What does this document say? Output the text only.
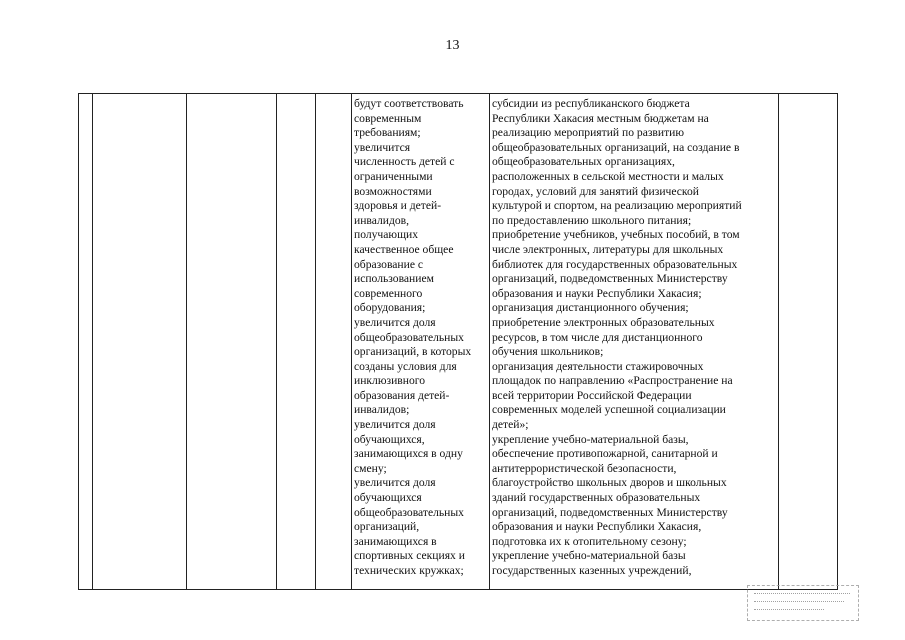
13

будут соответствовать
современным
требованиям;
увеличится
численность детей с
ограниченными
возможностями
здоровья и детей-
инвалидов,
получающих
качественное общее
образование с
использованием
современного
оборудования;
увеличится доля
общеобразовательных
организаций, в которых
созданы условия для
инклюзивного
образования детей-
инвалидов;
увеличится доля
обучающихся,
занимающихся в одну
смену;
увеличится доля
обучающихся
общеобразовательных
организаций,
занимающихся в
спортивных секциях и
технических кружках;

субсидии из республиканского бюджета
Республики Хакасия местным бюджетам на
реализацию мероприятий по развитию
общеобразовательных организаций, на создание в
общеобразовательных организациях,
расположенных в сельской местности и малых
городах, условий для занятий физической
культурой и спортом, на реализацию мероприятий
по предоставлению школьного питания;
приобретение учебников, учебных пособий, в том
числе электронных, литературы для школьных
библиотек для государственных образовательных
организаций, подведомственных Министерству
образования и науки Республики Хакасия;
организация дистанционного обучения;
приобретение электронных образовательных
ресурсов, в том числе для дистанционного
обучения школьников;
организация деятельности стажировочных
площадок по направлению «Распространение на
всей территории Российской Федерации
современных моделей успешной социализации
детей»;
укрепление учебно-материальной базы,
обеспечение противопожарной, санитарной и
антитеррористической безопасности,
благоустройство школьных дворов и школьных
зданий государственных образовательных
организаций, подведомственных Министерству
образования и науки Республики Хакасия,
подготовка их к отопительному сезону;
укрепление учебно-материальной базы
государственных казенных учреждений,
